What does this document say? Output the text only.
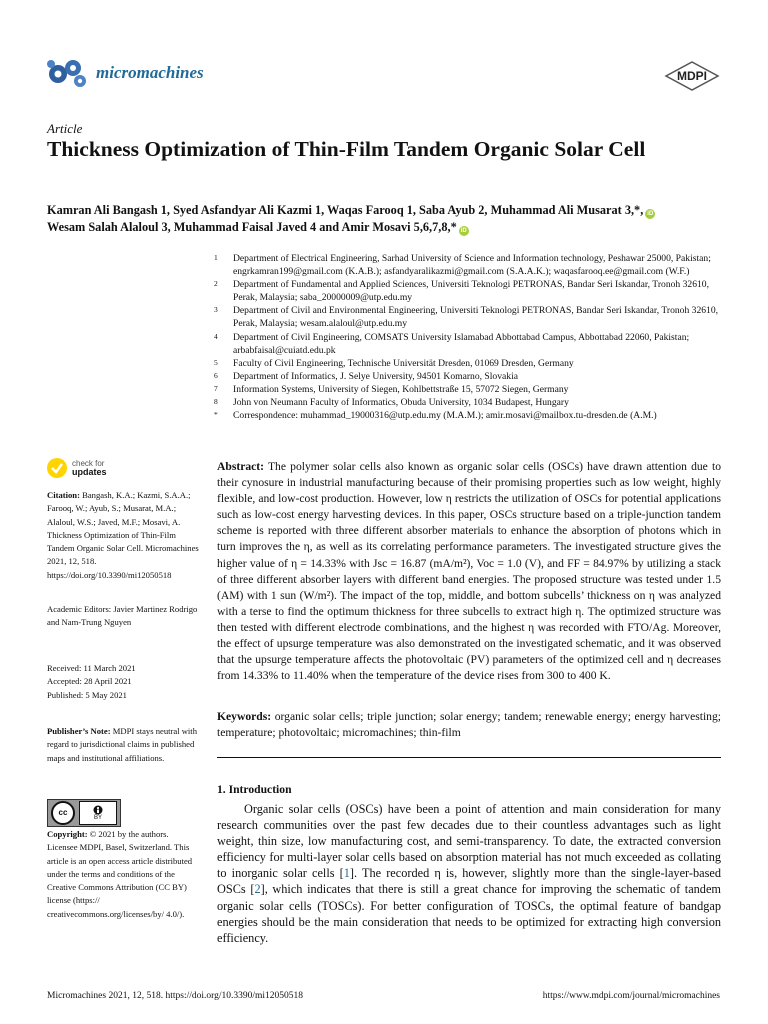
micromachines	MDPI
Article
Thickness Optimization of Thin-Film Tandem Organic Solar Cell
Kamran Ali Bangash 1, Syed Asfandyar Ali Kazmi 1, Waqas Farooq 1, Saba Ayub 2, Muhammad Ali Musarat 3,*, iD
Wesam Salah Alaloul 3, Muhammad Faisal Javed 4 and Amir Mosavi 5,6,7,8,* iD
1	Department of Electrical Engineering, Sarhad University of Science and Information technology, Peshawar 25000, Pakistan; engrkamran199@gmail.com (K.A.B.); asfandyaralikazmi@gmail.com (S.A.A.K.); waqasfarooq.ee@gmail.com (W.F.)
2	Department of Fundamental and Applied Sciences, Universiti Teknologi PETRONAS, Bandar Seri Iskandar, Tronoh 32610, Perak, Malaysia; saba_20000009@utp.edu.my
3	Department of Civil and Environmental Engineering, Universiti Teknologi PETRONAS, Bandar Seri Iskandar, Tronoh 32610, Perak, Malaysia; wesam.alaloul@utp.edu.my
4	Department of Civil Engineering, COMSATS University Islamabad Abbottabad Campus, Abbottabad 22060, Pakistan; arbabfaisal@cuiatd.edu.pk
5	Faculty of Civil Engineering, Technische Universität Dresden, 01069 Dresden, Germany
6	Department of Informatics, J. Selye University, 94501 Komarno, Slovakia
7	Information Systems, University of Siegen, Kohlbettstraße 15, 57072 Siegen, Germany
8	John von Neumann Faculty of Informatics, Obuda University, 1034 Budapest, Hungary
*	Correspondence: muhammad_19000316@utp.edu.my (M.A.M.); amir.mosavi@mailbox.tu-dresden.de (A.M.)
check for
updates
Citation: Bangash, K.A.; Kazmi, S.A.A.; Farooq, W.; Ayub, S.; Musarat, M.A.; Alaloul, W.S.; Javed, M.F.; Mosavi, A. Thickness Optimization of Thin-Film Tandem Organic Solar Cell. Micromachines 2021, 12, 518. https://doi.org/10.3390/mi12050518
Academic Editors: Javier Martinez Rodrigo and Nam-Trung Nguyen
Received: 11 March 2021
Accepted: 28 April 2021
Published: 5 May 2021
Publisher’s Note: MDPI stays neutral with regard to jurisdictional claims in published maps and institutional affiliations.
cc
BY
Copyright: © 2021 by the authors. Licensee MDPI, Basel, Switzerland. This article is an open access article distributed under the terms and conditions of the Creative Commons Attribution (CC BY) license (https:// creativecommons.org/licenses/by/ 4.0/).
Abstract: The polymer solar cells also known as organic solar cells (OSCs) have drawn attention due to their cynosure in industrial manufacturing because of their promising properties such as low weight, highly flexible, and low-cost production. However, low η restricts the utilization of OSCs for potential applications such as low-cost energy harvesting devices. In this paper, OSCs structure based on a triple-junction tandem scheme is reported with three different absorber materials to enhance the absorption of photons which in turn improves the η, as well as its correlating performance parameters. The investigated structure gives the higher value of η = 14.33% with Jsc = 16.87 (mA/m²), Voc = 1.0 (V), and FF = 84.97% by utilizing a stack of three different absorber layers with different band energies. The proposed structure was tested under 1.5 (AM) with 1 sun (W/m²). The impact of the top, middle, and bottom subcells’ thickness on η was analyzed with a terse to find the optimum thickness for three subcells to extract high η. The optimized structure was then tested with different electrode combinations, and the highest η was recorded with FTO/Ag. Moreover, the effect of upsurge temperature was also demonstrated on the investigated schematic, and it was observed that the upsurge temperature affects the photovoltaic (PV) parameters of the optimized cell and η decreases from 14.33% to 11.40% when the temperature of the device rises from 300 to 400 K.
Keywords: organic solar cells; triple junction; solar energy; tandem; renewable energy; energy harvesting; temperature; photovoltaic; micromachines; thin-film
1. Introduction
Organic solar cells (OSCs) have been a point of attention and main consideration for many research communities over the past few decades due to their countless advantages such as light weight, thin size, low manufacturing cost, and semi-transparency. To date, the extracted conversion efficiency for multi-layer solar cells based on absorption material has not much exceeded as collating to inorganic solar cells [1]. The recorded η is, however, slightly more than the single-layer-based OSCs [2], which indicates that there is still a great chance for improving the schematic of tandem organic solar cells (TOSCs). For better configuration of TOSCs, the optimal feature of bandgap energies should be the main consideration that needs to be optimized for extracting high conversion efficiency.
Micromachines 2021, 12, 518. https://doi.org/10.3390/mi12050518	https://www.mdpi.com/journal/micromachines
